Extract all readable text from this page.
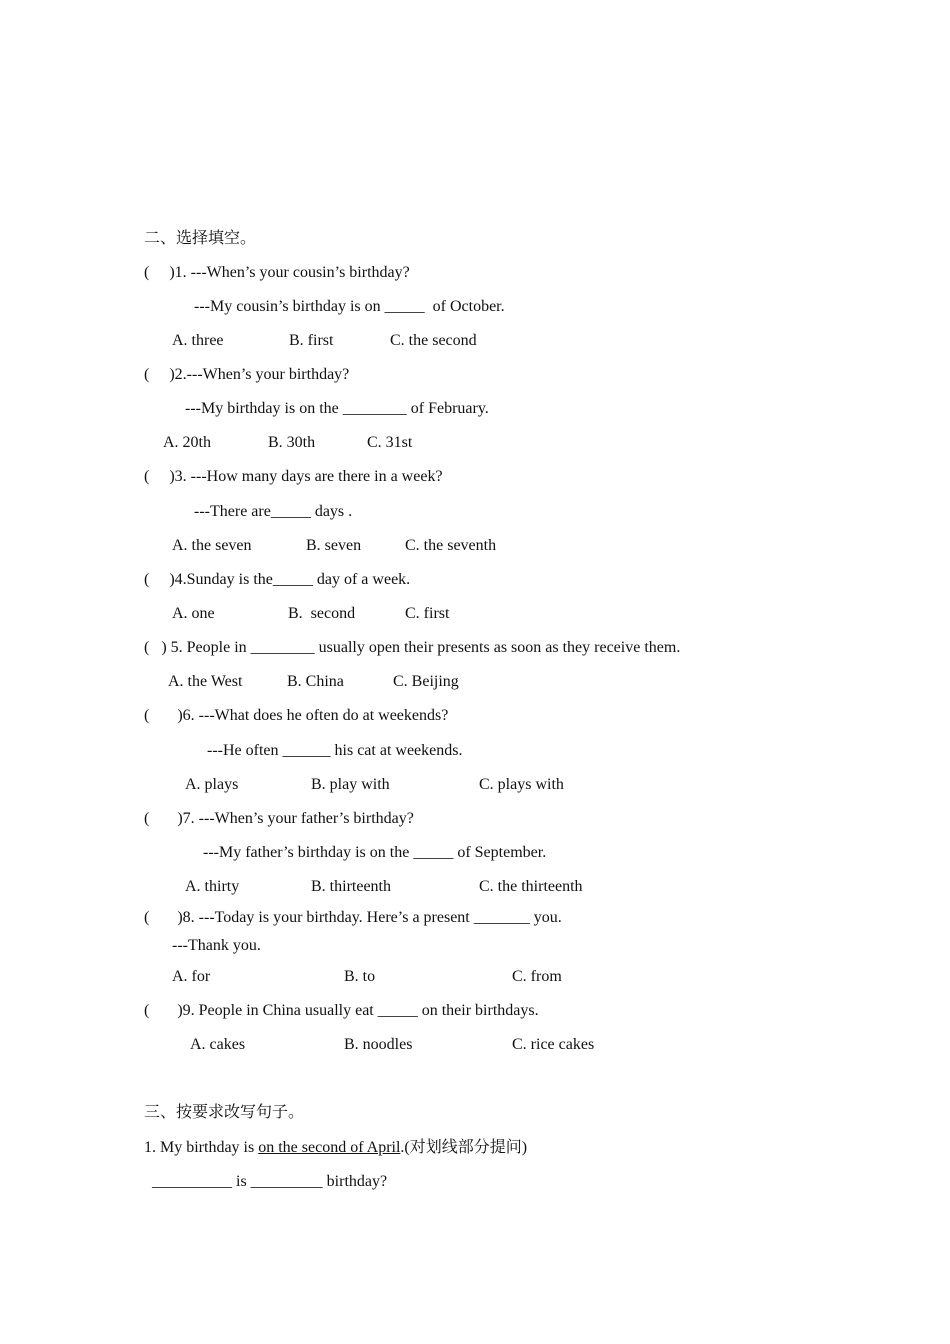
二、选择填空。
(     )1. ---When’s your cousin’s birthday?
---My cousin’s birthday is on _____  of October.
A. three	B. first	C. the second
(     )2.---When’s your birthday?
---My birthday is on the ________ of February.
A. 20th	B. 30th	C. 31st
(     )3. ---How many days are there in a week?
---There are_____ days .
A. the seven	B. seven	C. the seventh
(     )4.Sunday is the_____ day of a week.
A. one	B.  second	C. first
(   ) 5. People in ________ usually open their presents as soon as they receive them.
A. the West	B. China	C. Beijing
(       )6. ---What does he often do at weekends?
---He often ______ his cat at weekends.
A. plays	B. play with	C. plays with
(       )7. ---When’s your father’s birthday?
---My father’s birthday is on the _____ of September.
A. thirty	B. thirteenth	C. the thirteenth
(       )8. ---Today is your birthday. Here’s a present _______ you.
---Thank you.
A. for	B. to	C. from
(       )9. People in China usually eat _____ on their birthdays.
A. cakes	B. noodles	C. rice cakes
三、按要求改写句子。
1. My birthday is on the second of April.(对划线部分提问)
__________ is _________ birthday?
